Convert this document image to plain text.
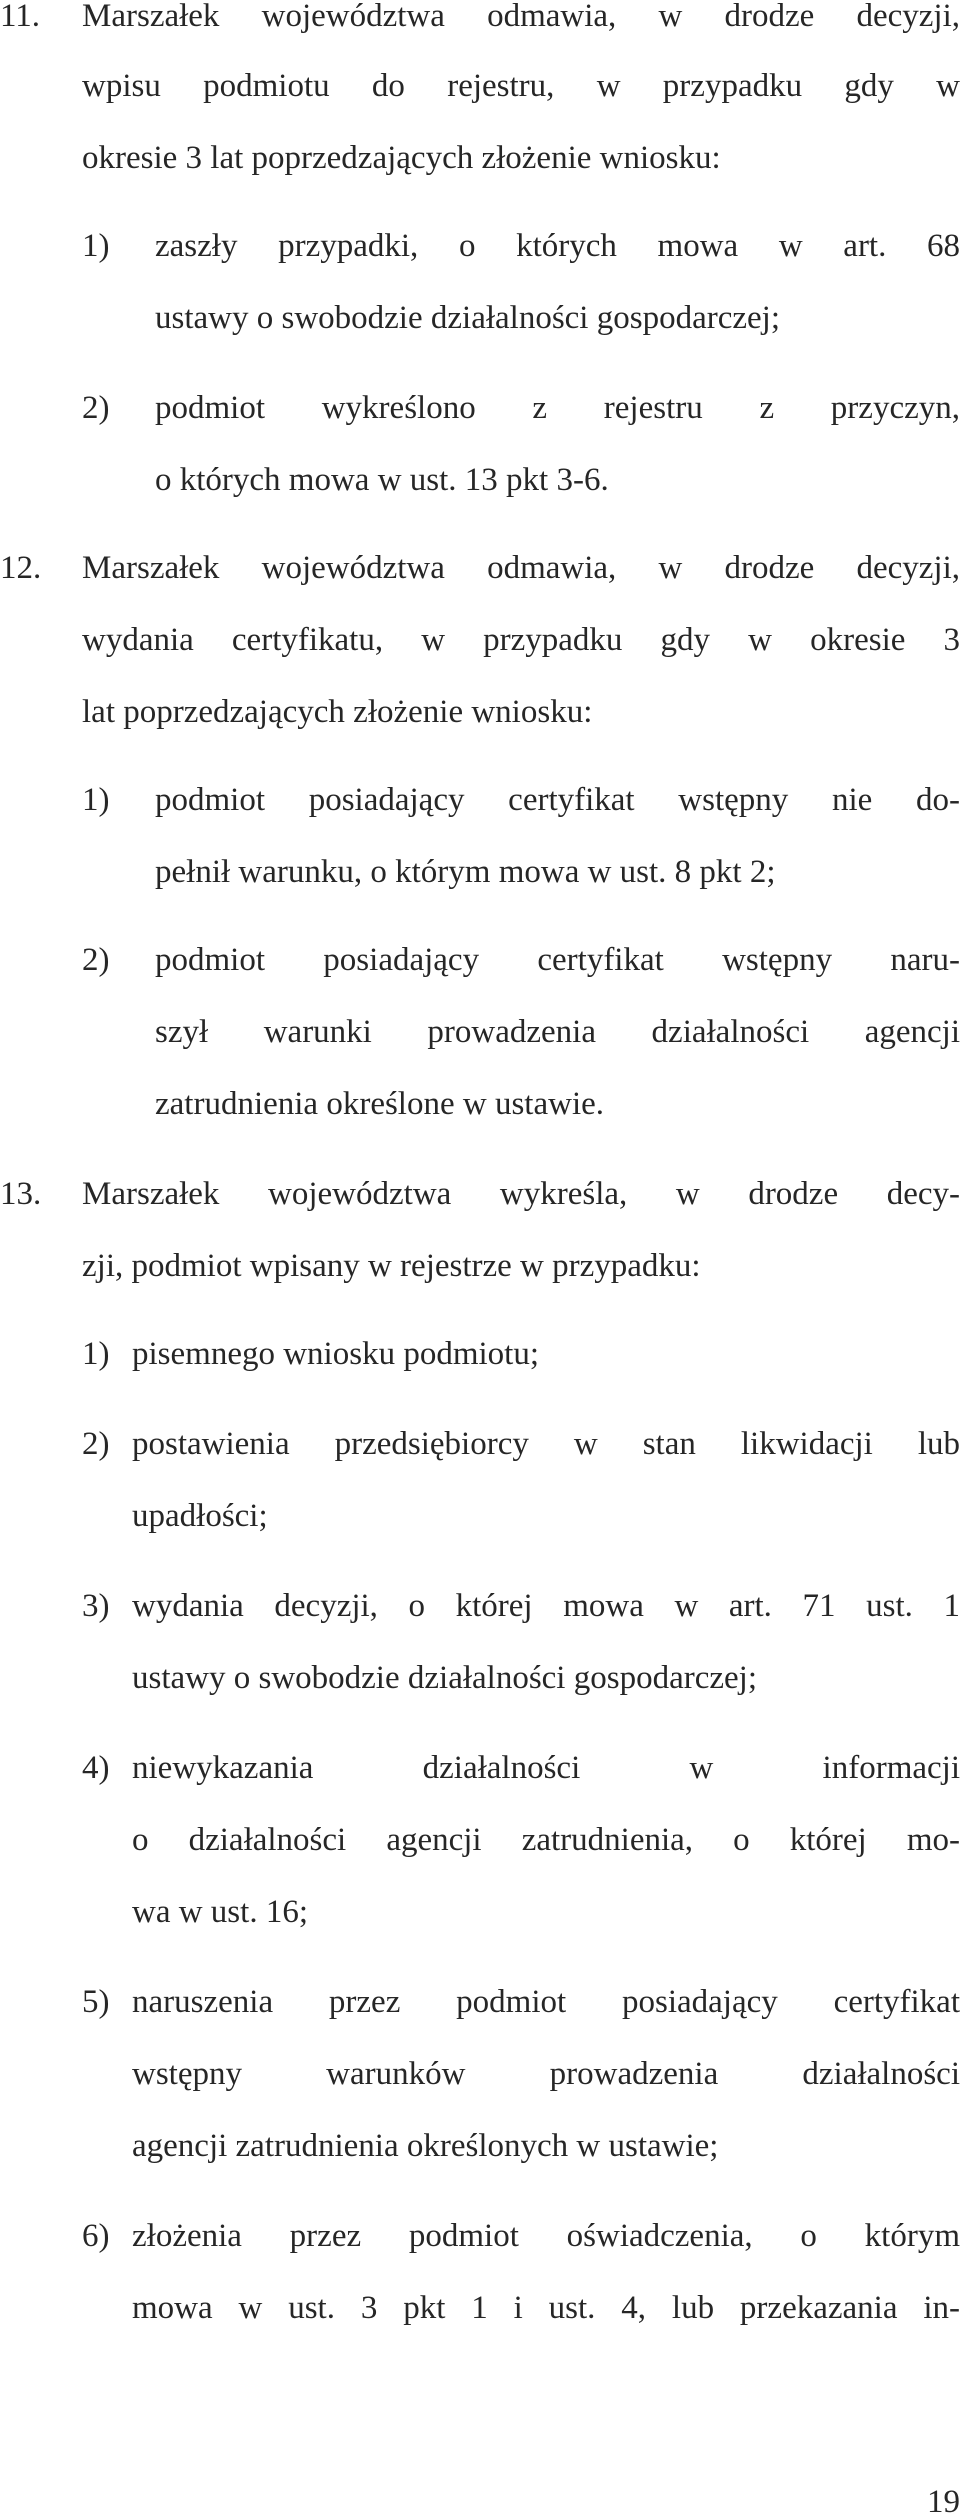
11. Marszałek województwa odmawia, w drodze decyzji,

wpisu podmiotu do rejestru, w przypadku gdy w

okresie 3 lat poprzedzających złożenie wniosku:

1) zaszły przypadki, o których mowa w art. 68

ustawy o swobodzie działalności gospodarczej;

2) podmiot wykreślono z rejestru z przyczyn,

o których mowa w ust. 13 pkt 3-6.

12. Marszałek województwa odmawia, w drodze decyzji,

wydania certyfikatu, w przypadku gdy w okresie 3

lat poprzedzających złożenie wniosku:

1) podmiot posiadający certyfikat wstępny nie do-

pełnił warunku, o którym mowa w ust. 8 pkt 2;

2) podmiot posiadający certyfikat wstępny naru-

szył warunki prowadzenia działalności agencji

zatrudnienia określone w ustawie.

13. Marszałek województwa wykreśla, w drodze decy-

zji, podmiot wpisany w rejestrze w przypadku:

1) pisemnego wniosku podmiotu;

2) postawienia przedsiębiorcy w stan likwidacji lub

upadłości;

3) wydania decyzji, o której mowa w art. 71 ust. 1

ustawy o swobodzie działalności gospodarczej;

4) niewykazania działalności w informacji

o działalności agencji zatrudnienia, o której mo-

wa w ust. 16;

5) naruszenia przez podmiot posiadający certyfikat

wstępny warunków prowadzenia działalności

agencji zatrudnienia określonych w ustawie;

6) złożenia przez podmiot oświadczenia, o którym

mowa w ust. 3 pkt 1 i ust. 4, lub przekazania in-

19
